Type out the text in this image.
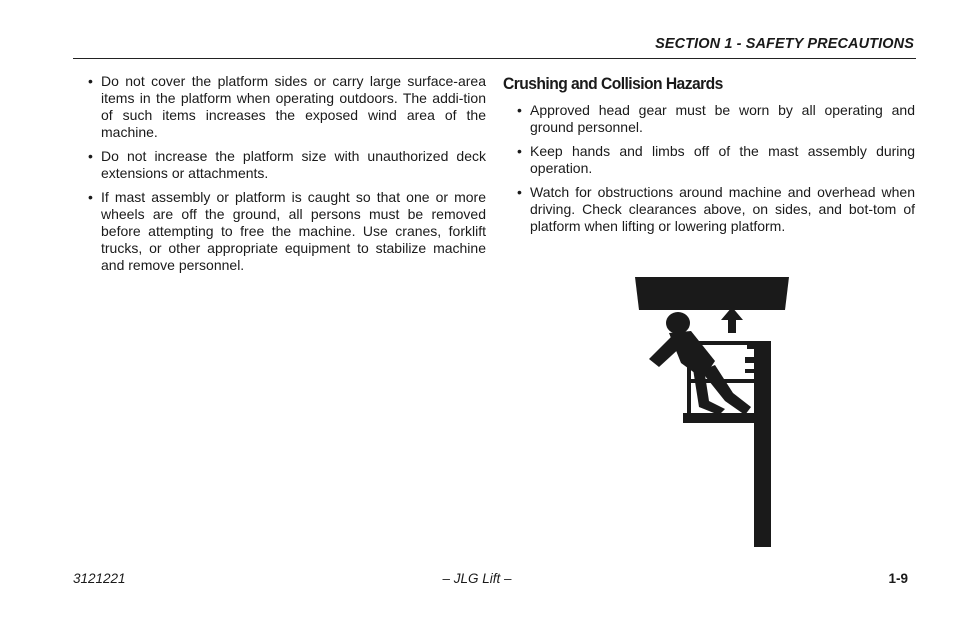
SECTION 1 - SAFETY PRECAUTIONS
• Do not cover the platform sides or carry large surface-area items in the platform when operating outdoors. The addi-tion of such items increases the exposed wind area of the machine.
• Do not increase the platform size with unauthorized deck extensions or attachments.
• If mast assembly or platform is caught so that one or more wheels are off the ground, all persons must be removed before attempting to free the machine. Use cranes, forklift trucks, or other appropriate equipment to stabilize machine and remove personnel.
Crushing and Collision Hazards
• Approved head gear must be worn by all operating and ground personnel.
• Keep hands and limbs off of the mast assembly during operation.
• Watch for obstructions around machine and overhead when driving. Check clearances above, on sides, and bot-tom of platform when lifting or lowering platform.
3121221	– JLG Lift –	1-9
